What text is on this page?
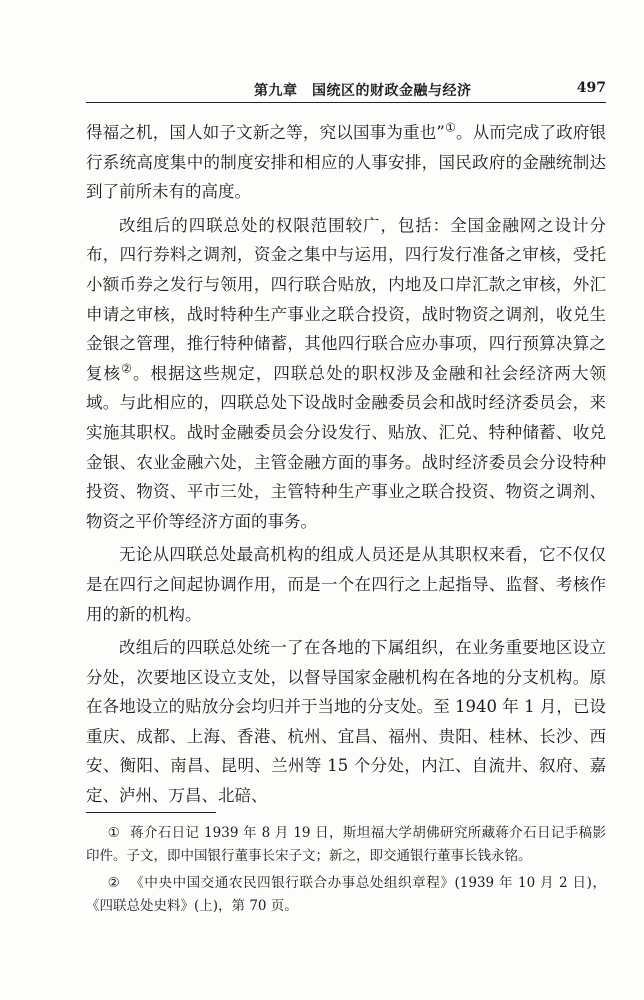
第九章　国统区的财政金融与经济	497

得福之机，国人如子文新之等，究以国事为重也”①。从而完成了政府银行系统高度集中的制度安排和相应的人事安排，国民政府的金融统制达到了前所未有的高度。

改组后的四联总处的权限范围较广，包括：全国金融网之设计分布，四行券料之调剂，资金之集中与运用，四行发行准备之审核，受托小额币券之发行与领用，四行联合贴放，内地及口岸汇款之审核，外汇申请之审核，战时特种生产事业之联合投资，战时物资之调剂，收兑生金银之管理，推行特种储蓄，其他四行联合应办事项，四行预算决算之复核②。根据这些规定，四联总处的职权涉及金融和社会经济两大领域。与此相应的，四联总处下设战时金融委员会和战时经济委员会，来实施其职权。战时金融委员会分设发行、贴放、汇兑、特种储蓄、收兑金银、农业金融六处，主管金融方面的事务。战时经济委员会分设特种投资、物资、平市三处，主管特种生产事业之联合投资、物资之调剂、物资之平价等经济方面的事务。

无论从四联总处最高机构的组成人员还是从其职权来看，它不仅仅是在四行之间起协调作用，而是一个在四行之上起指导、监督、考核作用的新的机构。

改组后的四联总处统一了在各地的下属组织，在业务重要地区设立分处，次要地区设立支处，以督导国家金融机构在各地的分支机构。原在各地设立的贴放分会均归并于当地的分支处。至 1940 年 1 月，已设重庆、成都、上海、香港、杭州、宜昌、福州、贵阳、桂林、长沙、西安、衡阳、南昌、昆明、兰州等 15 个分处，内江、自流井、叙府、嘉定、泸州、万昌、北碚、

① 蒋介石日记 1939 年 8 月 19 日，斯坦福大学胡佛研究所藏蒋介石日记手稿影印件。子文，即中国银行董事长宋子文；新之，即交通银行董事长钱永铭。

② 《中央中国交通农民四银行联合办事总处组织章程》(1939 年 10 月 2 日)，《四联总处史料》(上)，第 70 页。
